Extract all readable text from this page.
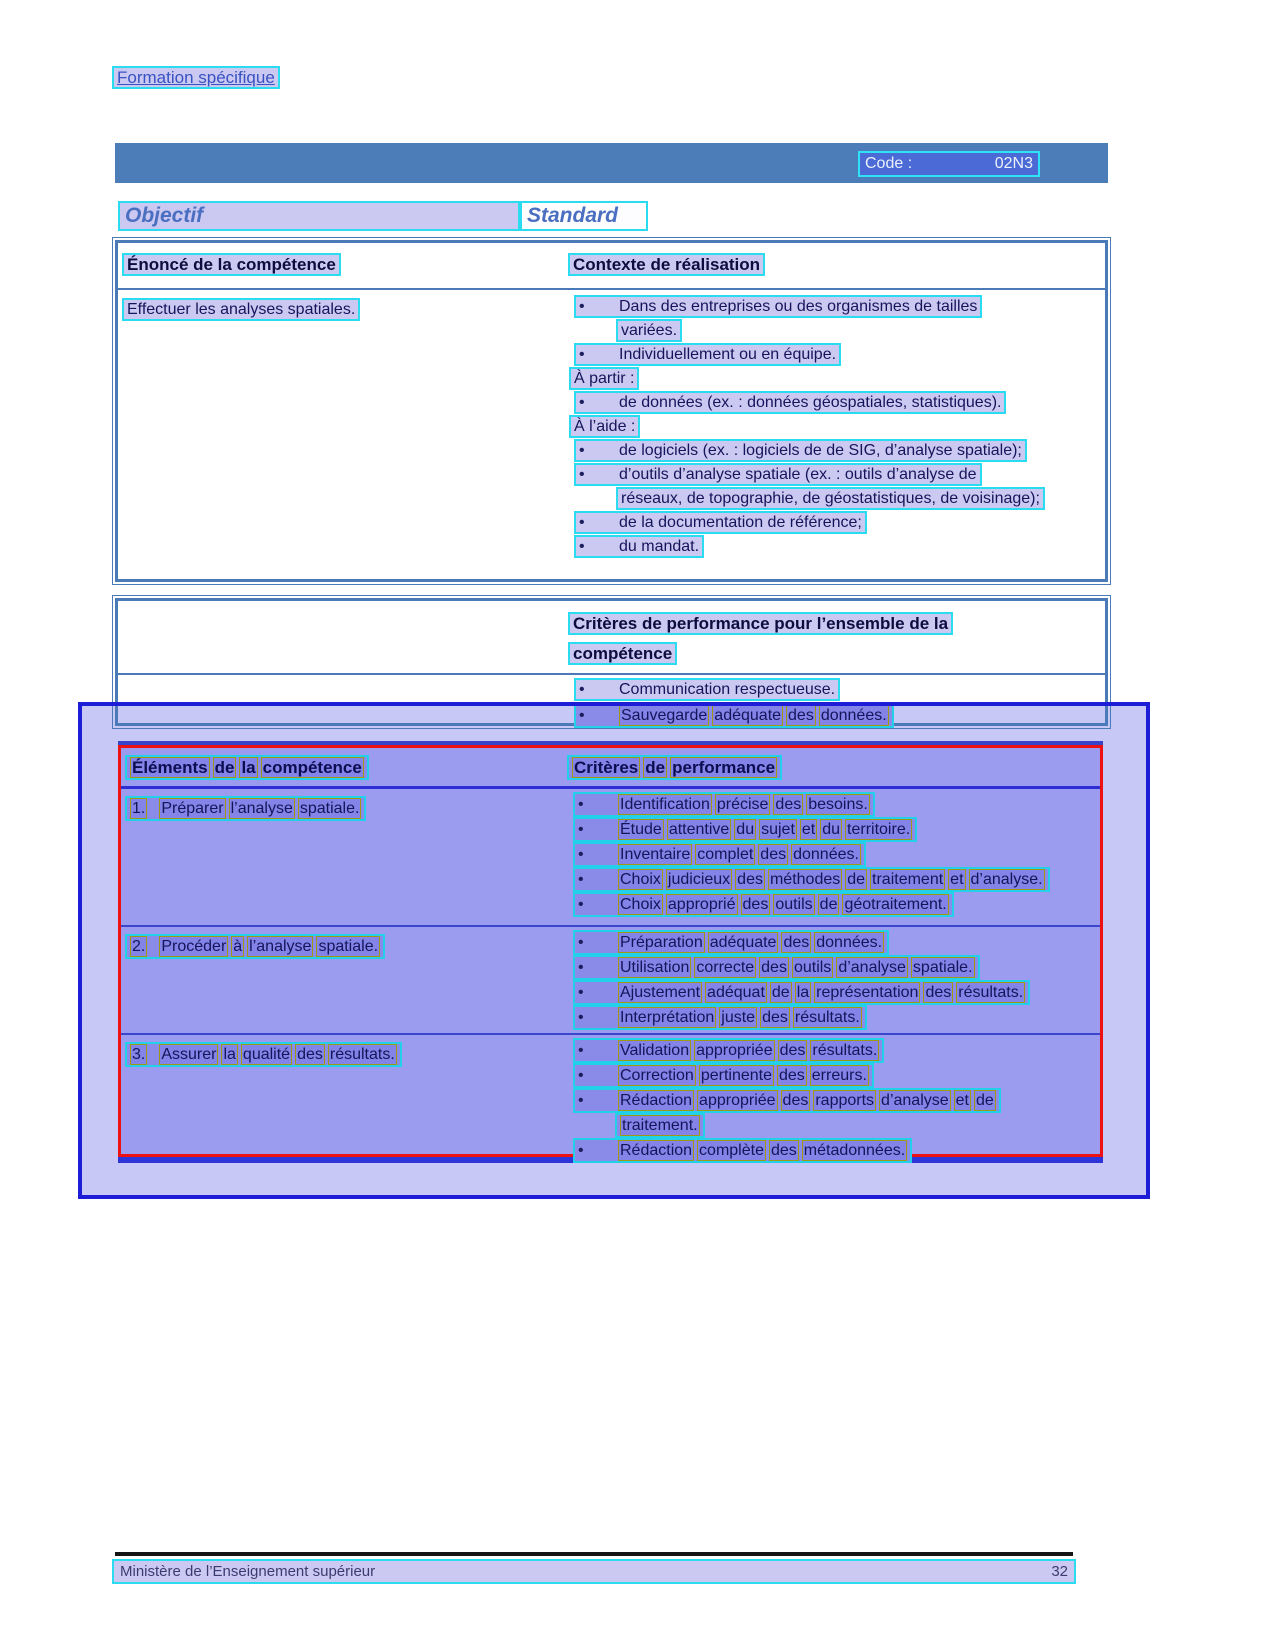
Formation spécifique
Code :	02N3
Objectif	Standard
Énoncé de la compétence	Contexte de réalisation
Effectuer les analyses spatiales.	• Dans des entreprises ou des organismes de tailles
variées.
• Individuellement ou en équipe.
À partir :
• de données (ex. : données géospatiales, statistiques).
À l’aide :
• de logiciels (ex. : logiciels de de SIG, d’analyse spatiale);
• d’outils d’analyse spatiale (ex. : outils d’analyse de
réseaux, de topographie, de géostatistiques, de voisinage);
• de la documentation de référence;
• du mandat.
Critères de performance pour l’ensemble de la
compétence
• Communication respectueuse.
• Sauvegarde adéquate des données.
Éléments de la compétence	Critères de performance
1. Préparer l’analyse spatiale.	• Identification précise des besoins.
• Étude attentive du sujet et du territoire.
• Inventaire complet des données.
• Choix judicieux des méthodes de traitement et d’analyse.
• Choix approprié des outils de géotraitement.
2. Procéder à l’analyse spatiale.	• Préparation adéquate des données.
• Utilisation correcte des outils d’analyse spatiale.
• Ajustement adéquat de la représentation des résultats.
• Interprétation juste des résultats.
3. Assurer la qualité des résultats.	• Validation appropriée des résultats.
• Correction pertinente des erreurs.
• Rédaction appropriée des rapports d’analyse et de
traitement.
• Rédaction complète des métadonnées.
Ministère de l’Enseignement supérieur	32
